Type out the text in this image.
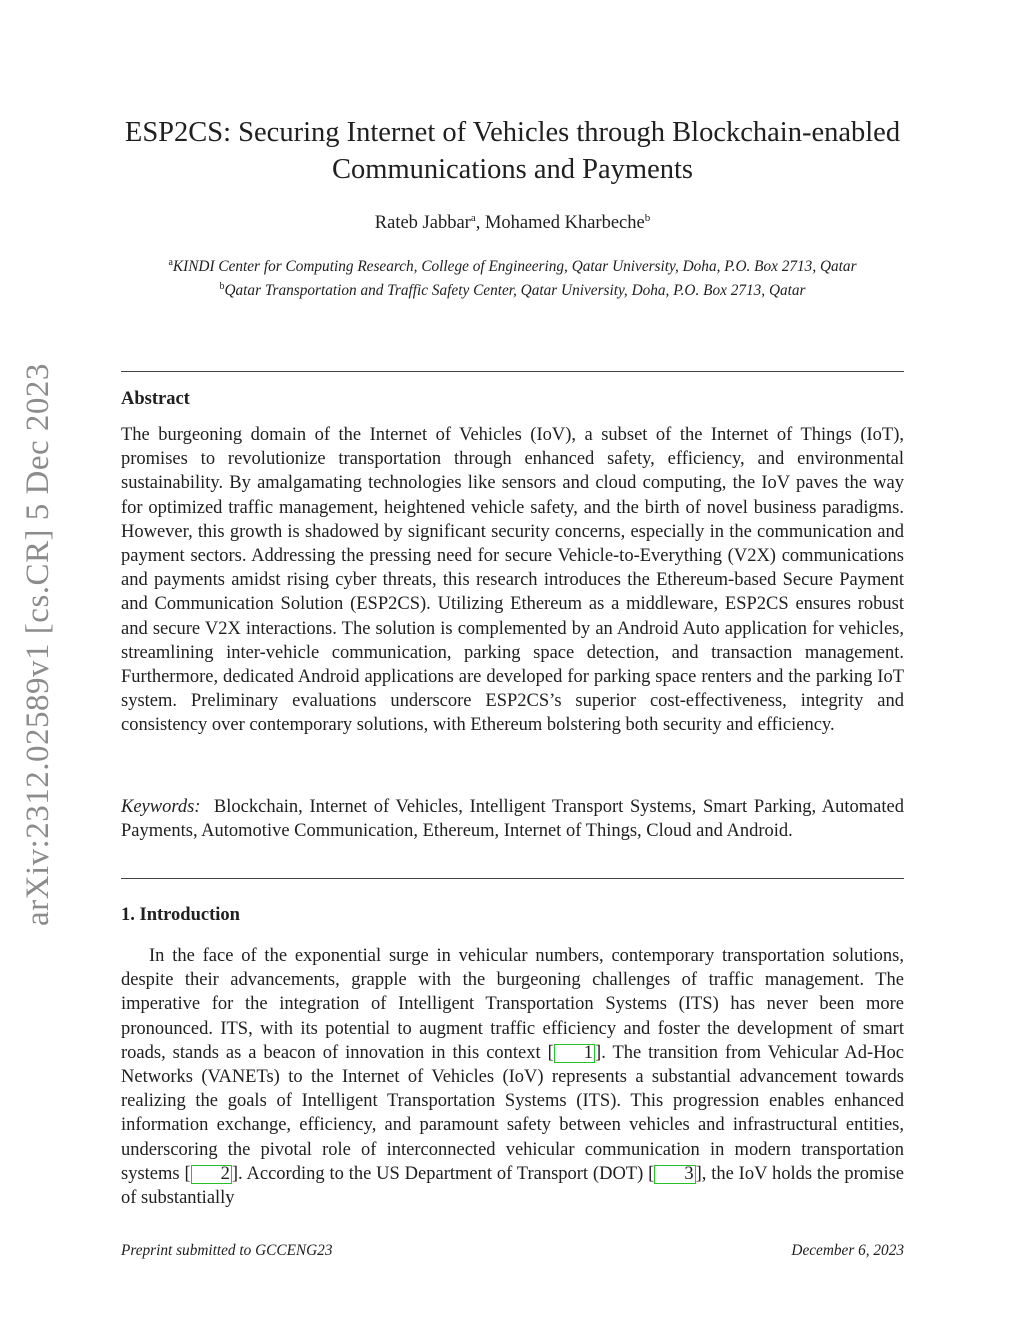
arXiv:2312.02589v1 [cs.CR] 5 Dec 2023
ESP2CS: Securing Internet of Vehicles through Blockchain-enabled
Communications and Payments
Rateb Jabbar$^a$, Mohamed Kharbeche$^b$
$^a$KINDI Center for Computing Research, College of Engineering, Qatar University, Doha, P.O. Box 2713, Qatar
$^b$Qatar Transportation and Traffic Safety Center, Qatar University, Doha, P.O. Box 2713, Qatar
Abstract
The burgeoning domain of the Internet of Vehicles (IoV), a subset of the Internet of Things (IoT), promises to revolutionize transportation through enhanced safety, efficiency, and environmental sustainability. By amalgamating technologies like sensors and cloud computing, the IoV paves the way for optimized traffic management, heightened vehicle safety, and the birth of novel business paradigms. However, this growth is shadowed by significant security concerns, especially in the communication and payment sectors. Addressing the pressing need for secure Vehicle-to-Everything (V2X) communications and payments amidst rising cyber threats, this research introduces the Ethereum-based Secure Payment and Communication Solution (ESP2CS). Utilizing Ethereum as a middleware, ESP2CS ensures robust and secure V2X interactions. The solution is complemented by an Android Auto application for vehicles, streamlining inter-vehicle communication, parking space detection, and transaction management. Furthermore, dedicated Android applications are developed for parking space renters and the parking IoT system. Preliminary evaluations underscore ESP2CS’s superior cost-effectiveness, integrity and consistency over contemporary solutions, with Ethereum bolstering both security and efficiency.
Keywords: Blockchain, Internet of Vehicles, Intelligent Transport Systems, Smart Parking, Automated Payments, Automotive Communication, Ethereum, Internet of Things, Cloud and Android.
1. Introduction

In the face of the exponential surge in vehicular numbers, contemporary transportation solutions, despite their advancements, grapple with the burgeoning challenges of traffic management. The imperative for the integration of Intelligent Transportation Systems (ITS) has never been more pronounced. ITS, with its potential to augment traffic efficiency and foster the development of smart roads, stands as a beacon of innovation in this context [ 1 ]. The transition from Vehicular Ad-Hoc Networks (VANETs) to the Internet of Vehicles (IoV) represents a substantial advancement towards realizing the goals of Intelligent Transportation Systems (ITS). This progression enables enhanced information exchange, efficiency, and paramount safety between vehicles and infrastructural entities, underscoring the pivotal role of interconnected vehicular communication in modern transportation systems [ 2 ]. According to the US Department of Transport (DOT) [ 3 ], the IoV holds the promise of substantially

Preprint submitted to GCCENG23	December 6, 2023
